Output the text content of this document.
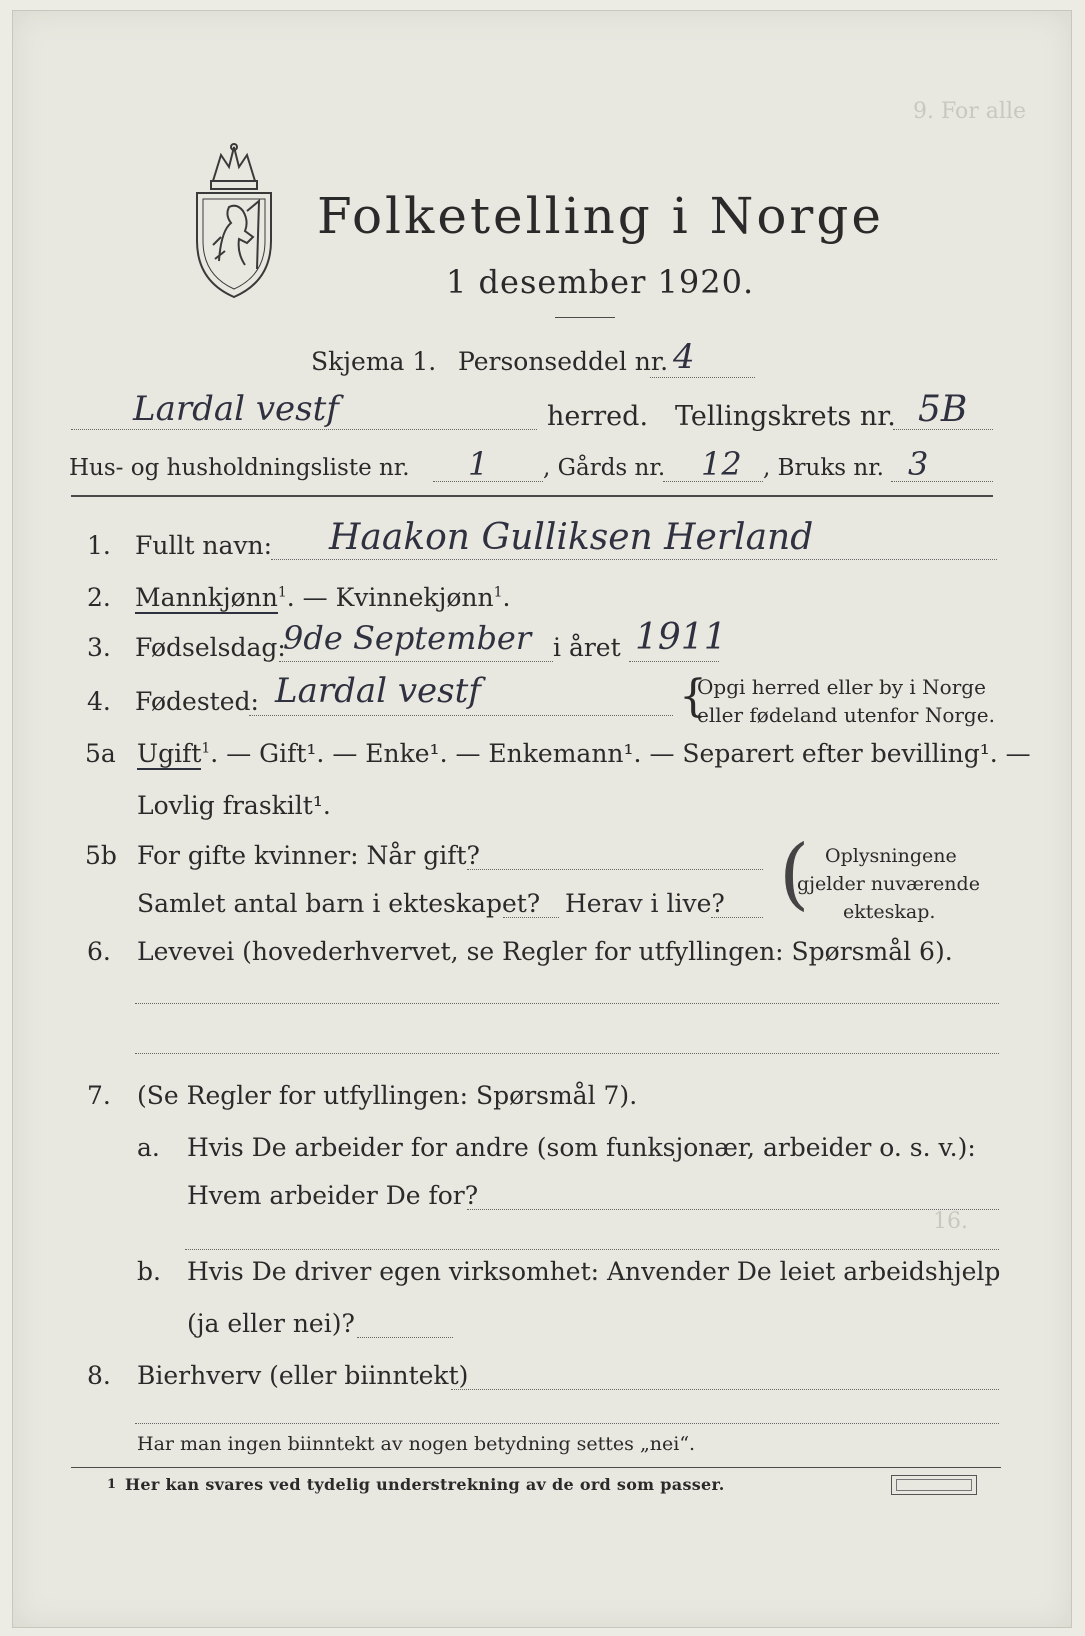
9. For alle
16.
Folketelling i Norge
1 desember 1920.
Skjema 1. Personseddel nr. 4
Lardal vestf	herred. Tellingskrets nr. 5B
Hus- og husholdningsliste nr. 1 , Gårds nr. 12 , Bruks nr. 3
1. Fullt navn: Haakon Gulliksen Herland
2. Mannkjønn$^1$. — Kvinnekjønn$^1$.
3. Fødselsdag:
9de September i året 1911
4. Fødested: Lardal vestf	{
Opgi herred eller by i Norge
eller fødeland utenfor Norge.
5a Ugift$^1$. — Gift¹. — Enke¹. — Enkemann¹. — Separert efter bevilling¹. —
Lovlig fraskilt¹.
5b For gifte kvinner: Når gift?
Samlet antal barn i ekteskapet? Herav i live? ( Oplysningene
gjelder nuværende
ekteskap.
6. Levevei (hovederhvervet, se Regler for utfyllingen: Spørsmål 6).
7. (Se Regler for utfyllingen: Spørsmål 7).
a. Hvis De arbeider for andre (som funksjonær, arbeider o. s. v.):
Hvem arbeider De for?
b. Hvis De driver egen virksomhet: Anvender De leiet arbeidshjelp
(ja eller nei)?
8. Bierhverv (eller biinntekt)
Har man ingen biinntekt av nogen betydning settes „nei“.
1 Her kan svares ved tydelig understrekning av de ord som passer.
